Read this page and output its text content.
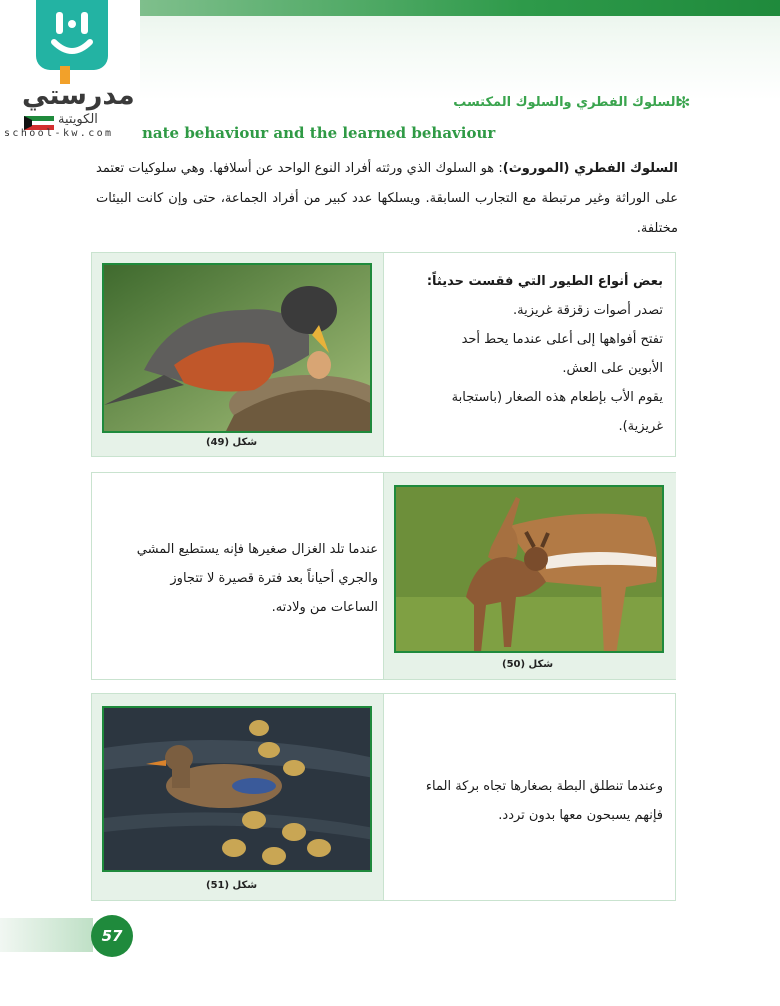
مدرستي
الكويتية
school-kw.com
✻
السلوك الفطري والسلوك المكتسب
nate behaviour and the learned behaviour
السلوك الفطري (الموروث): هو السلوك الذي ورثته أفراد النوع الواحد عن أسلافها. وهي سلوكيات تعتمد على الوراثة وغير مرتبطة مع التجارب السابقة. ويسلكها عدد كبير من أفراد الجماعة، حتى وإن كانت البيئات مختلفة.
شكل (49)
بعض أنواع الطيور التي فقست حديثاً:
تصدر أصوات زقزقة غريزية.
تفتح أفواهها إلى أعلى عندما يحط أحد
الأبوين على العش.
يقوم الأب بإطعام هذه الصغار (باستجابة
غريزية).
شكل (50)
عندما تلد الغزال صغيرها فإنه يستطيع المشي
والجري أحياناً بعد فترة قصيرة لا تتجاوز
الساعات من ولادته.
شكل (51)
وعندما تنطلق البطة بصغارها تجاه بركة الماء
فإنهم يسبحون معها بدون تردد.
57
